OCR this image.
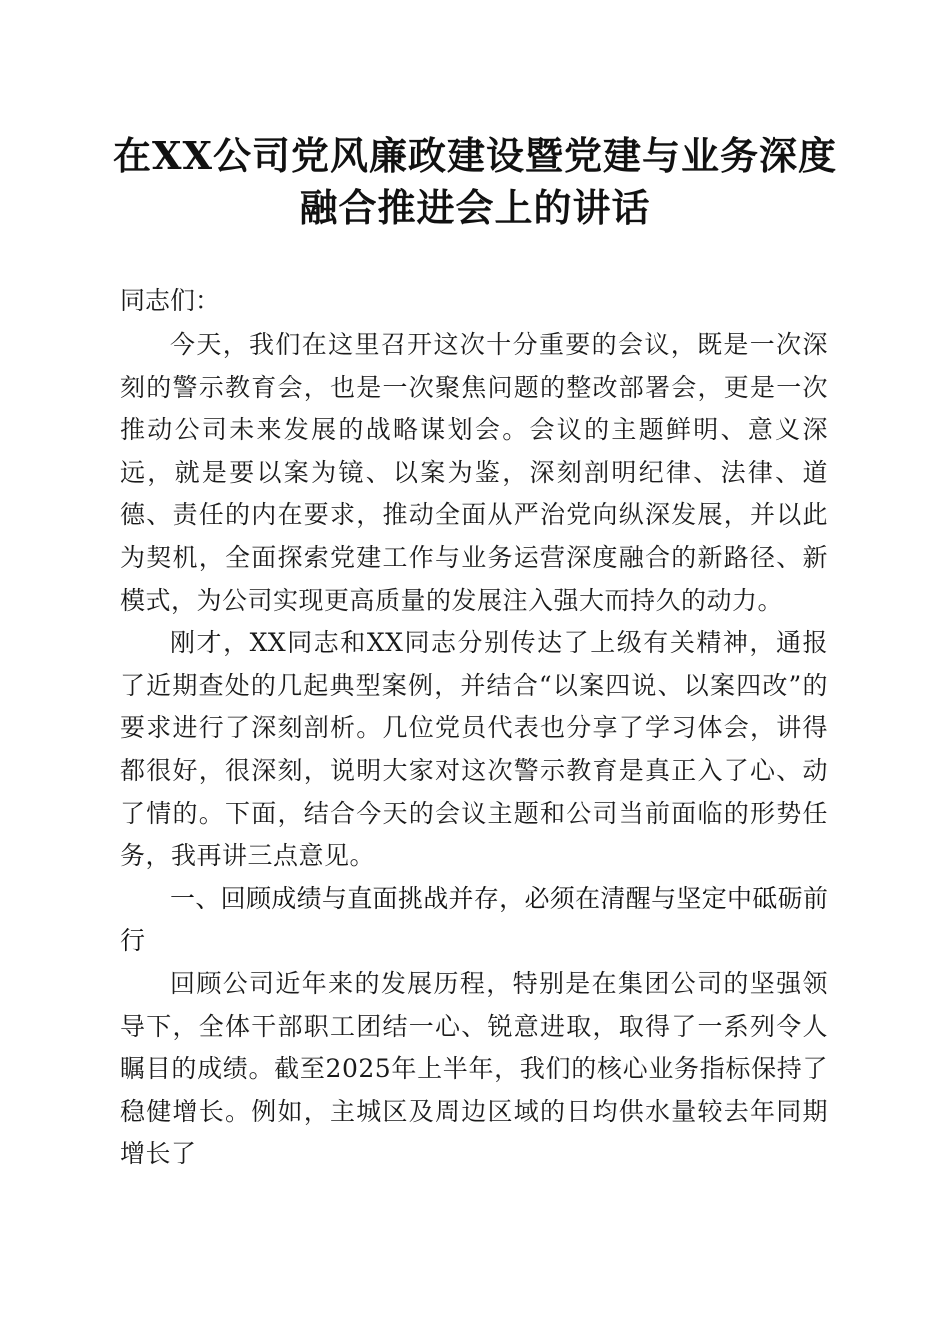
在XX公司党风廉政建设暨党建与业务深度融合推进会上的讲话

同志们：

今天，我们在这里召开这次十分重要的会议，既是一次深刻的警示教育会，也是一次聚焦问题的整改部署会，更是一次推动公司未来发展的战略谋划会。会议的主题鲜明、意义深远，就是要以案为镜、以案为鉴，深刻剖明纪律、法律、道德、责任的内在要求，推动全面从严治党向纵深发展，并以此为契机，全面探索党建工作与业务运营深度融合的新路径、新模式，为公司实现更高质量的发展注入强大而持久的动力。

刚才，XX同志和XX同志分别传达了上级有关精神，通报了近期查处的几起典型案例，并结合“以案四说、以案四改”的要求进行了深刻剖析。几位党员代表也分享了学习体会，讲得都很好，很深刻，说明大家对这次警示教育是真正入了心、动了情的。下面，结合今天的会议主题和公司当前面临的形势任务，我再讲三点意见。

一、回顾成绩与直面挑战并存，必须在清醒与坚定中砥砺前行

回顾公司近年来的发展历程，特别是在集团公司的坚强领导下，全体干部职工团结一心、锐意进取，取得了一系列令人瞩目的成绩。截至2025年上半年，我们的核心业务指标保持了稳健增长。例如，主城区及周边区域的日均供水量较去年同期增长了
